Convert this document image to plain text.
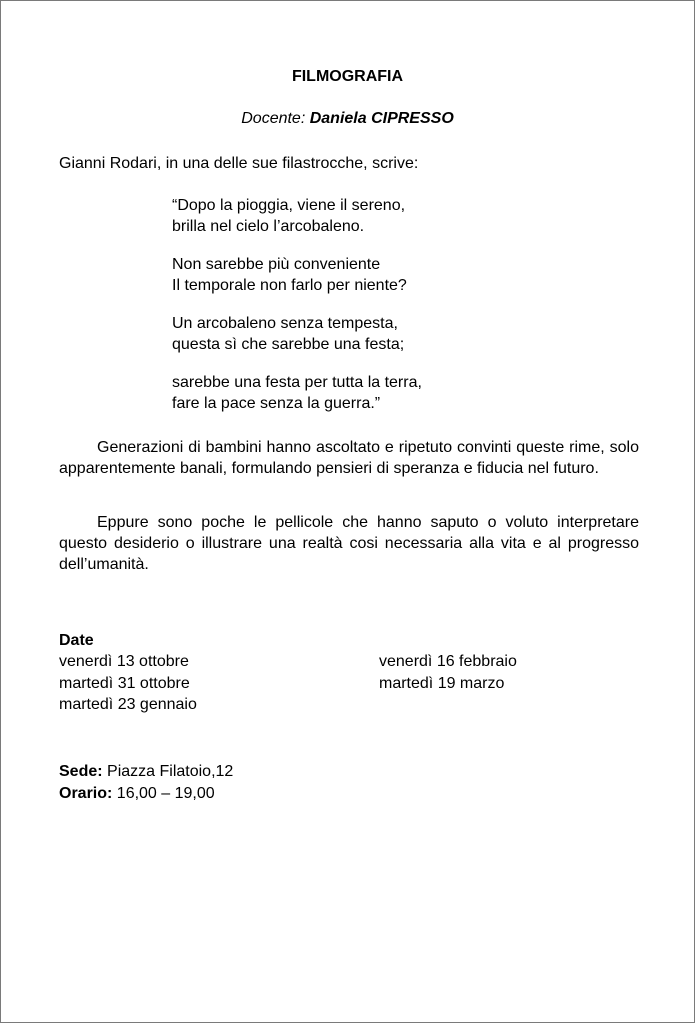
FILMOGRAFIA
Docente: Daniela CIPRESSO
Gianni Rodari, in una delle sue filastrocche, scrive:
“Dopo la pioggia, viene il sereno,
brilla nel cielo l’arcobaleno.
Non sarebbe più conveniente
Il temporale non farlo per niente?
Un arcobaleno senza tempesta,
questa sì che sarebbe una festa;
sarebbe una festa per tutta la terra,
fare la pace senza la guerra.”

Generazioni di bambini hanno ascoltato e ripetuto convinti queste rime, solo apparentemente banali, formulando pensieri di speranza e fiducia nel futuro.

Eppure sono poche le pellicole che hanno saputo o voluto interpretare questo desiderio o illustrare una realtà cosi necessaria alla vita e al progresso dell’umanità.

Date
venerdì 13 ottobre
martedì 31 ottobre
martedì 23 gennaio
venerdì 16 febbraio
martedì 19 marzo
Sede: Piazza Filatoio,12
Orario: 16,00 – 19,00
